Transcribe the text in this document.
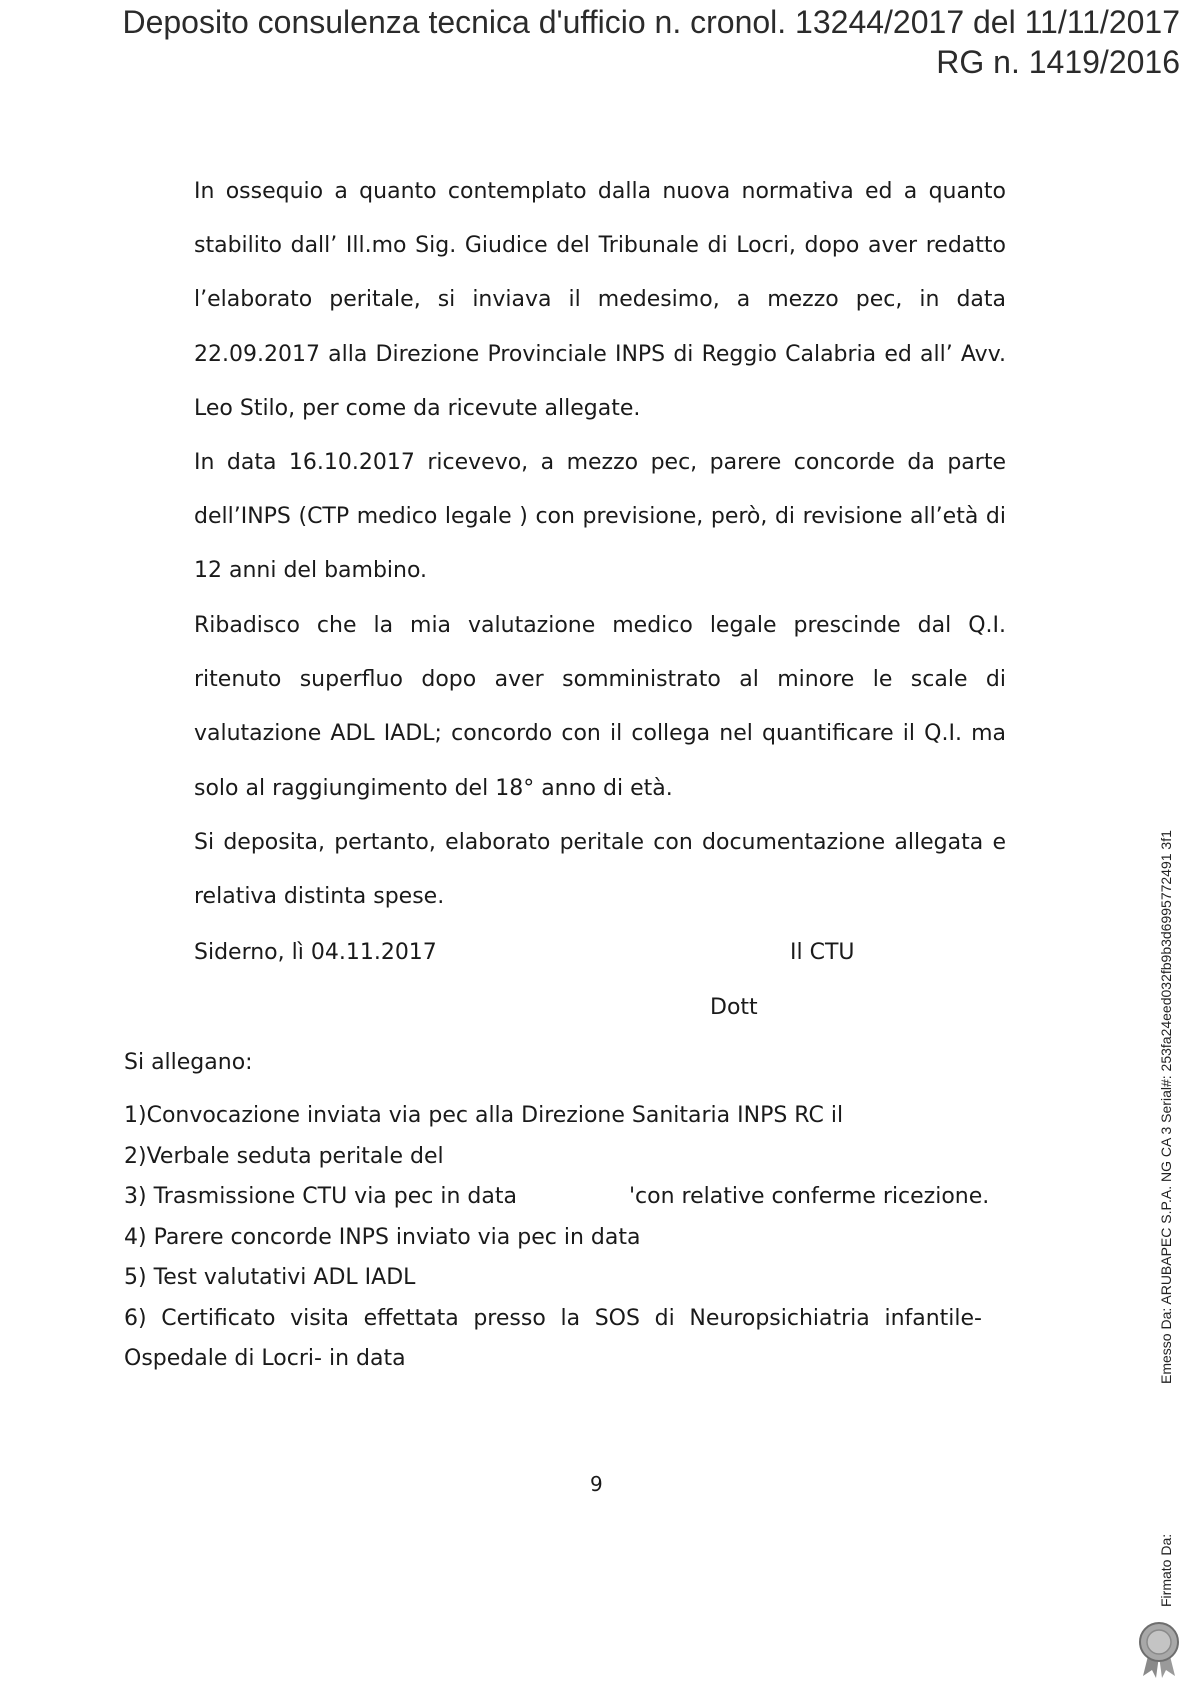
Deposito consulenza tecnica d'ufficio n. cronol. 13244/2017 del 11/11/2017
RG n. 1419/2016

In ossequio a quanto contemplato dalla nuova normativa ed a quanto stabilito dall’ Ill.mo Sig. Giudice del Tribunale di Locri, dopo aver redatto l’elaborato peritale, si inviava il medesimo, a mezzo pec, in data 22.09.2017 alla Direzione Provinciale INPS di Reggio Calabria ed all’ Avv. Leo Stilo, per come da ricevute allegate.

In data 16.10.2017 ricevevo, a mezzo pec, parere concorde da parte dell’INPS (CTP medico legale ) con previsione, però, di revisione all’età di 12 anni del bambino.

Ribadisco che la mia valutazione medico legale prescinde dal Q.I. ritenuto superfluo dopo aver somministrato al minore le scale di valutazione ADL IADL; concordo con il collega nel quantificare il Q.I. ma solo al raggiungimento del 18° anno di età.

Si deposita, pertanto, elaborato peritale con documentazione allegata e relativa distinta spese.

Siderno, lì 04.11.2017	Il CTU
Dott
Si allegano:
1)Convocazione inviata via pec alla Direzione Sanitaria INPS RC il
2)Verbale seduta peritale del
3) Trasmissione CTU via pec in data	'con relative conferme ricezione.
4) Parere concorde INPS inviato via pec in data
5) Test valutativi ADL IADL
6) Certificato visita effettata presso la SOS di Neuropsichiatria infantile- Ospedale di Locri- in data
9
Emesso Da: ARUBAPEC S.P.A. NG CA 3 Serial#: 253fa24eed032fb9b3d6995772491 3f1
Firmato Da:
